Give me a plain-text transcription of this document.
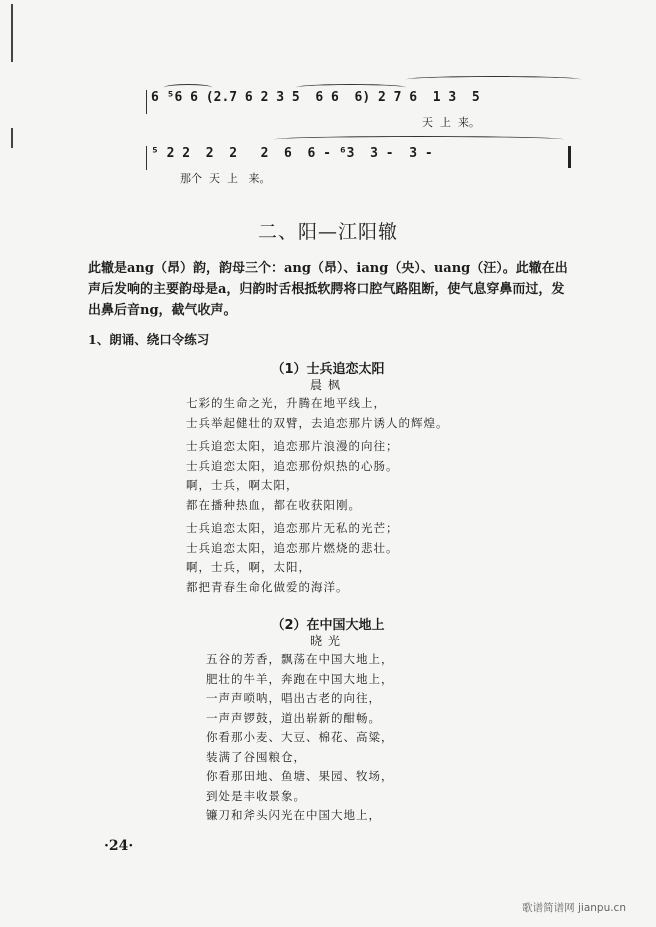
6 ⁵6 6 (2.7 6 2 3 5  6 6  6) 2 7 6  1 3  5
天  上  来。
⁵ 2 2  2  2   2  6  6 - ⁶3  3 -  3 -
那个  天  上   来。
二、阳—江阳辙

此辙是ang（昂）韵，韵母三个：ang（昂）、iang（央）、uang（汪）。此辙在出声后发响的主要韵母是a，归韵时舌根抵软腭将口腔气路阻断，使气息穿鼻而过，发出鼻后音ng，截气收声。

1、朗诵、绕口令练习

（1）士兵追恋太阳

晨枫

七彩的生命之光，升腾在地平线上，
士兵举起健壮的双臂，去追恋那片诱人的辉煌。
士兵追恋太阳，追恋那片浪漫的向往；
士兵追恋太阳，追恋那份炽热的心肠。
啊，士兵，啊太阳，
都在播种热血，都在收获阳刚。
士兵追恋太阳，追恋那片无私的光芒；
士兵追恋太阳，追恋那片燃烧的悲壮。
啊，士兵，啊，太阳，
都把青春生命化做爱的海洋。

（2）在中国大地上

晓光

五谷的芳香，飘荡在中国大地上，
肥壮的牛羊，奔跑在中国大地上，
一声声唢呐，唱出古老的向往，
一声声锣鼓，道出崭新的酣畅。
你看那小麦、大豆、棉花、高粱，
装满了谷囤粮仓，
你看那田地、鱼塘、果园、牧场，
到处是丰收景象。
镰刀和斧头闪光在中国大地上，

·24·

歌谱简谱网 jianpu.cn
